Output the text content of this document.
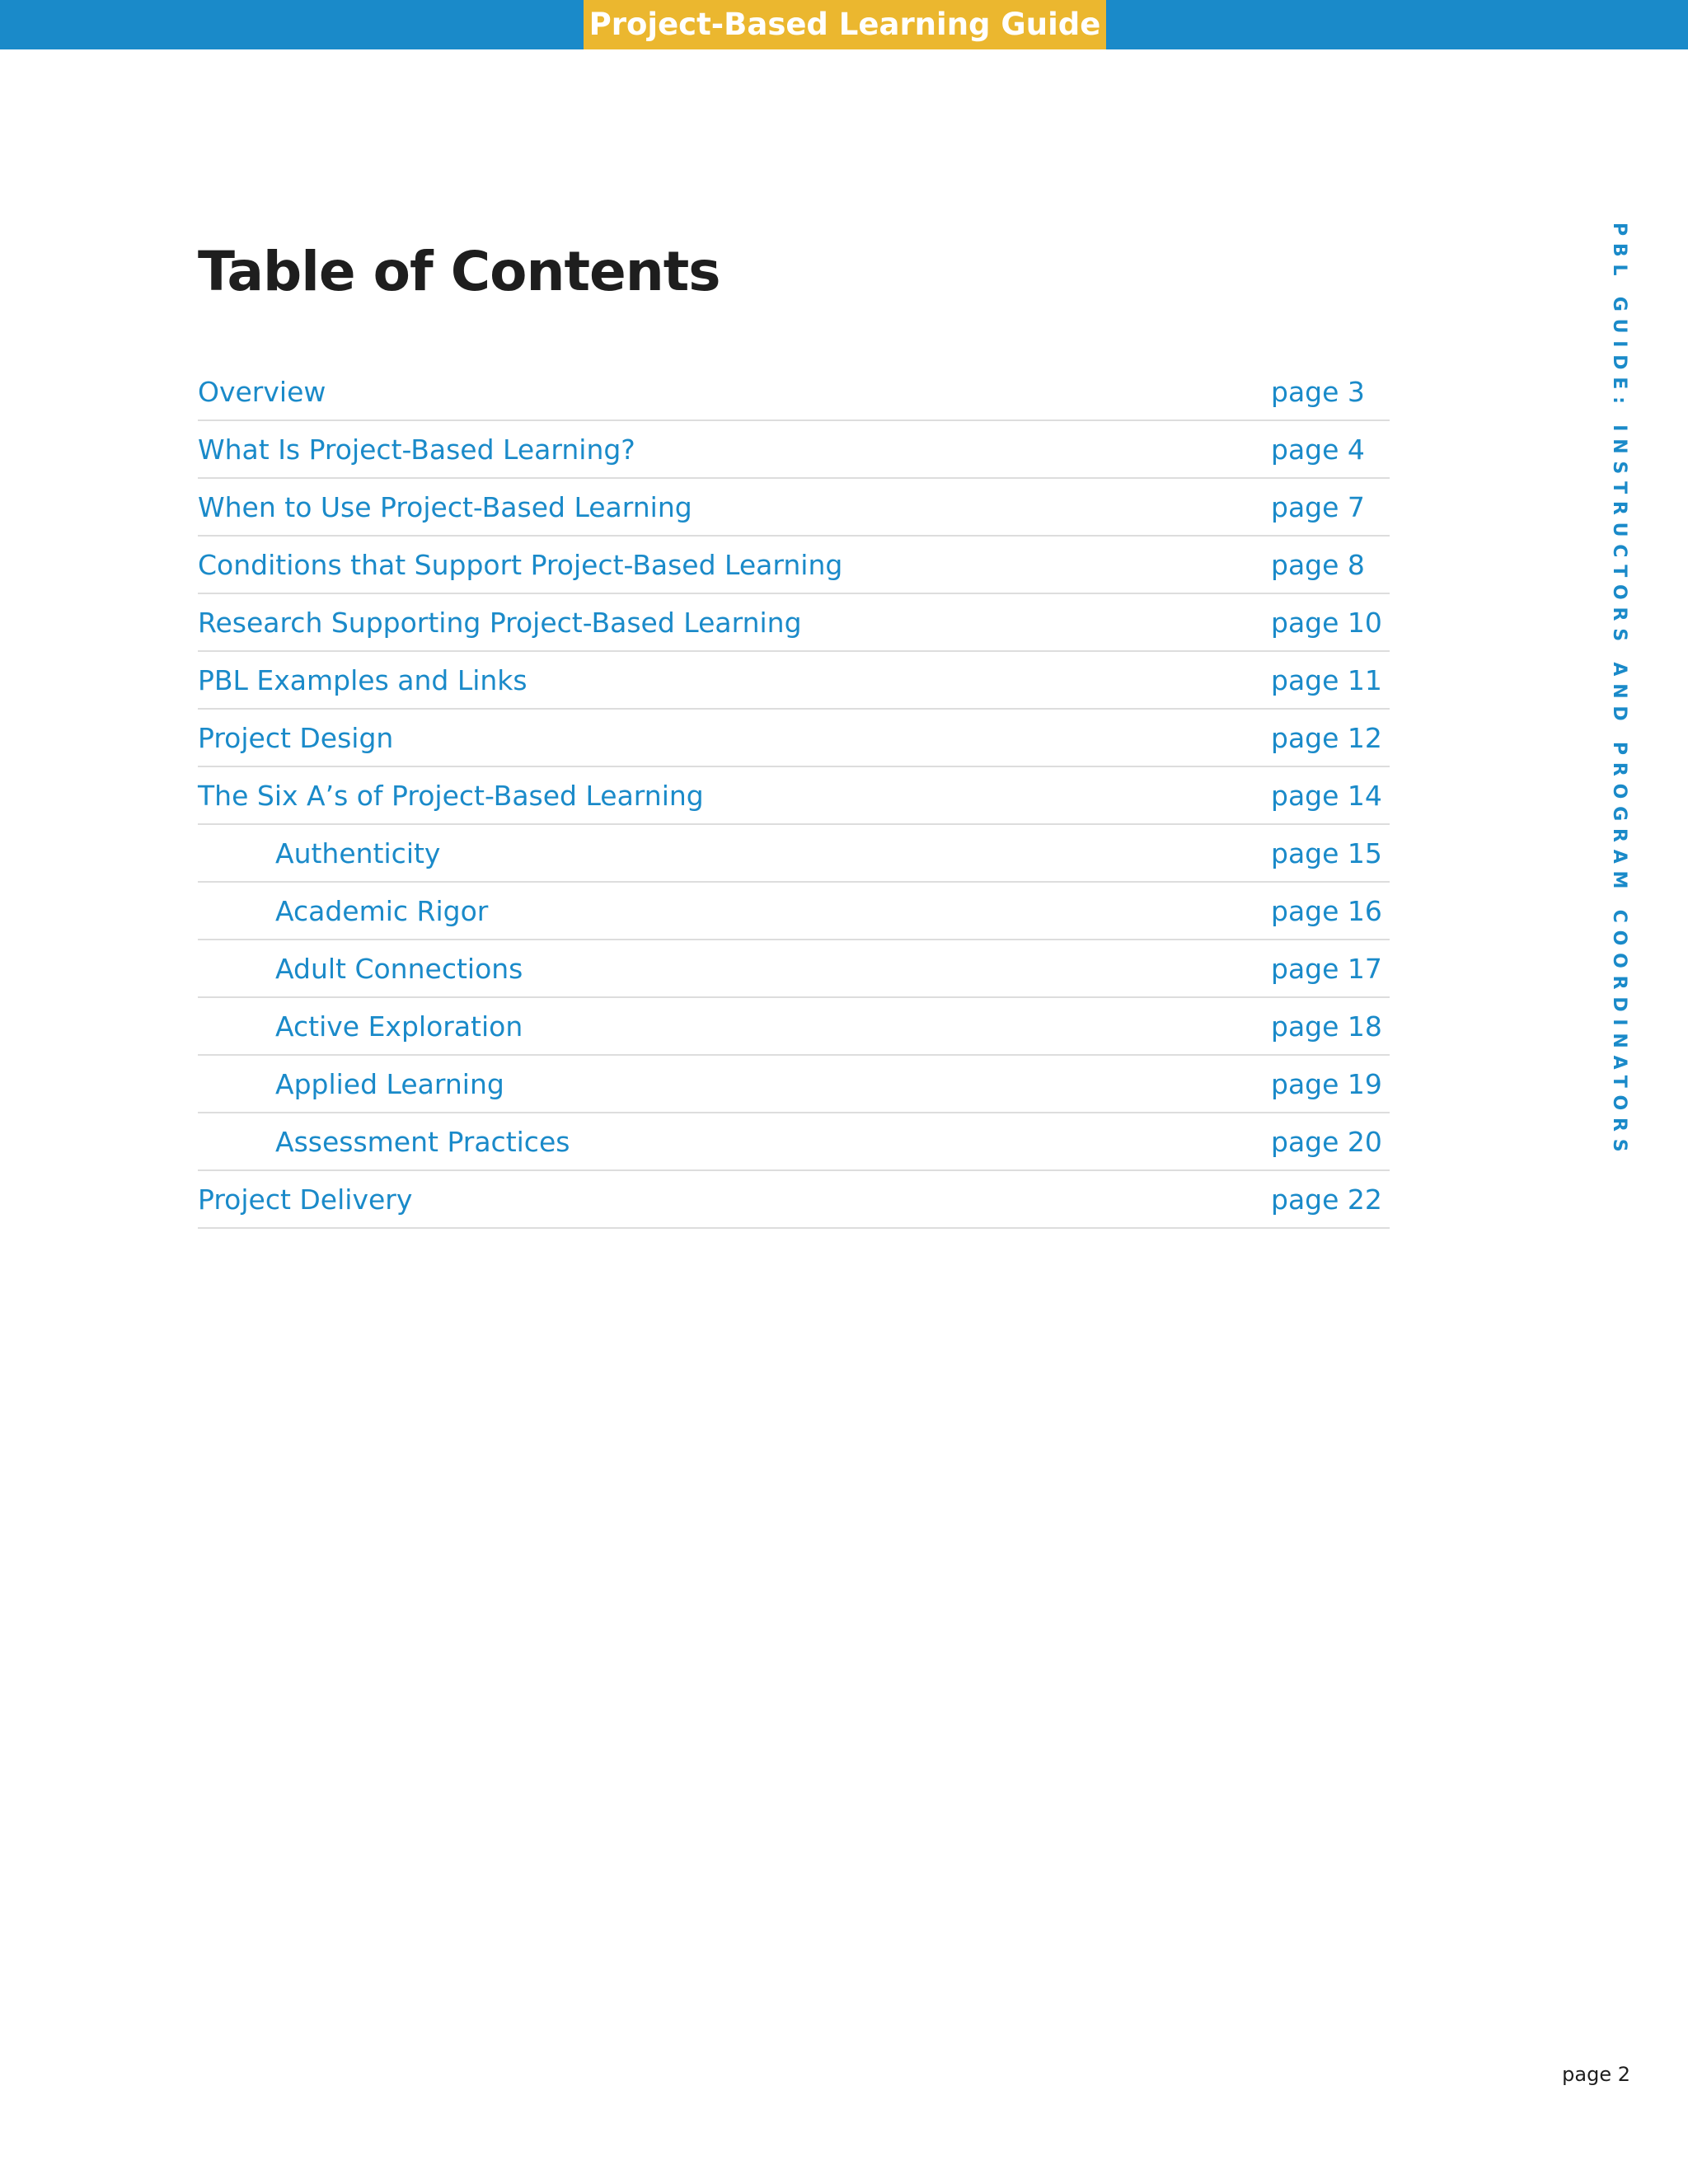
Project-Based Learning Guide
Table of Contents
Overview	page 3
What Is Project-Based Learning?	page 4
When to Use Project-Based Learning	page 7
Conditions that Support Project-Based Learning	page 8
Research Supporting Project-Based Learning	page 10
PBL Examples and Links	page 11
Project Design	page 12
The Six A’s of Project-Based Learning	page 14
Authenticity	page 15
Academic Rigor	page 16
Adult Connections	page 17
Active Exploration	page 18
Applied Learning	page 19
Assessment Practices	page 20
Project Delivery	page 22
PBL GUIDE: INSTRUCTORS AND PROGRAM COORDINATORS
page 2
